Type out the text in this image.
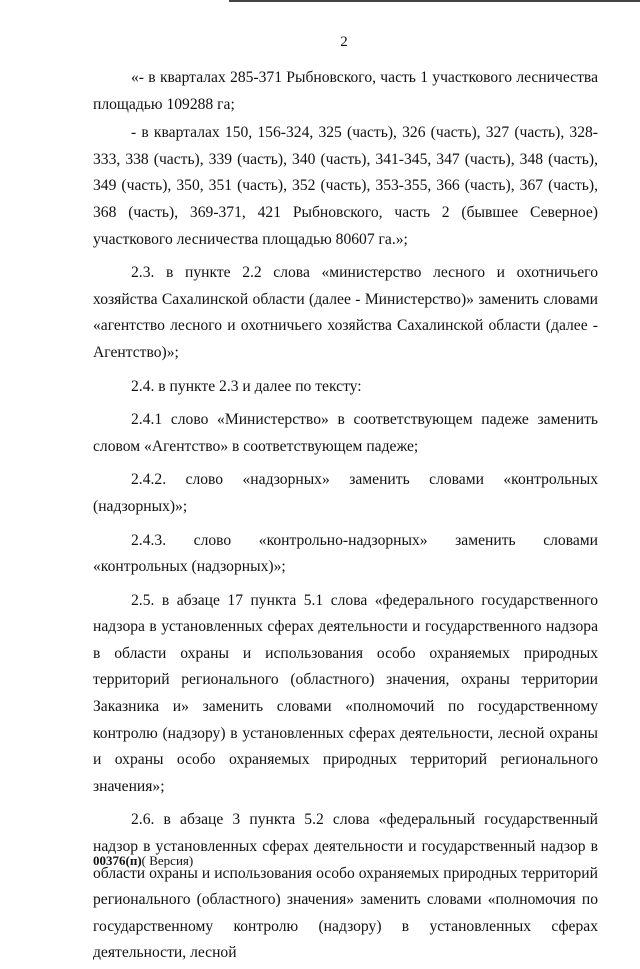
2

«- в кварталах 285-371 Рыбновского, часть 1 участкового лесничества площадью 109288 га;

- в кварталах 150, 156-324, 325 (часть), 326 (часть), 327 (часть), 328-333, 338 (часть), 339 (часть), 340 (часть), 341-345, 347 (часть), 348 (часть), 349 (часть), 350, 351 (часть), 352 (часть), 353-355, 366 (часть), 367 (часть), 368 (часть), 369-371, 421 Рыбновского, часть 2 (бывшее Северное) участкового лесничества площадью 80607 га.»;

2.3. в пункте 2.2 слова «министерство лесного и охотничьего хозяйства Сахалинской области (далее - Министерство)» заменить словами «агентство лесного и охотничьего хозяйства Сахалинской области (далее - Агентство)»;

2.4. в пункте 2.3 и далее по тексту:

2.4.1 слово «Министерство» в соответствующем падеже заменить словом «Агентство» в соответствующем падеже;

2.4.2. слово «надзорных» заменить словами «контрольных (надзорных)»;

2.4.3. слово «контрольно-надзорных» заменить словами «контрольных (надзорных)»;

2.5. в абзаце 17 пункта 5.1 слова «федерального государственного надзора в установленных сферах деятельности и государственного надзора в области охраны и использования особо охраняемых природных территорий регионального (областного) значения, охраны территории Заказника и» заменить словами «полномочий по государственному контролю (надзору) в установленных сферах деятельности, лесной охраны и охраны особо охраняемых природных территорий регионального значения»;

2.6. в абзаце 3 пункта 5.2 слова «федеральный государственный надзор в установленных сферах деятельности и государственный надзор в области охраны и использования особо охраняемых природных территорий регионального (областного) значения» заменить словами «полномочия по государственному контролю (надзору) в установленных сферах деятельности, лесной

00376(п)( Версия)
